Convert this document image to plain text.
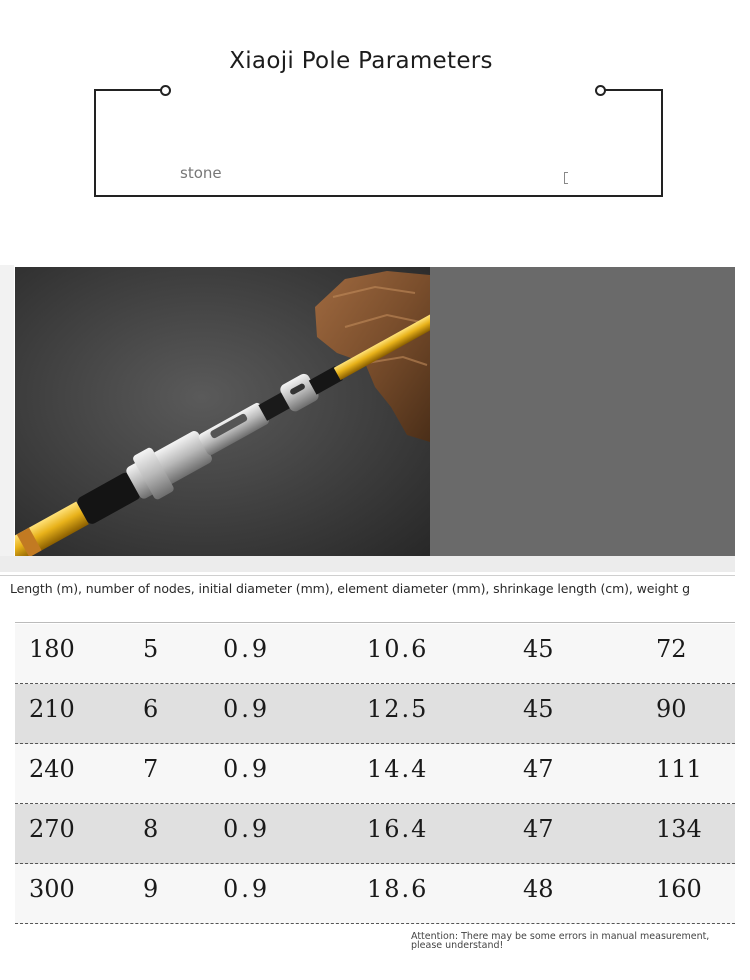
Xiaoji Pole Parameters
stone
Length (m), number of nodes, initial diameter (mm), element diameter (mm), shrinkage length (cm), weight g
180	5	0.9	10.6	45	72
210	6	0.9	12.5	45	90
240	7	0.9	14.4	47	111
270	8	0.9	16.4	47	134
300	9	0.9	18.6	48	160
Attention: There may be some errors in manual measurement,
please understand!
